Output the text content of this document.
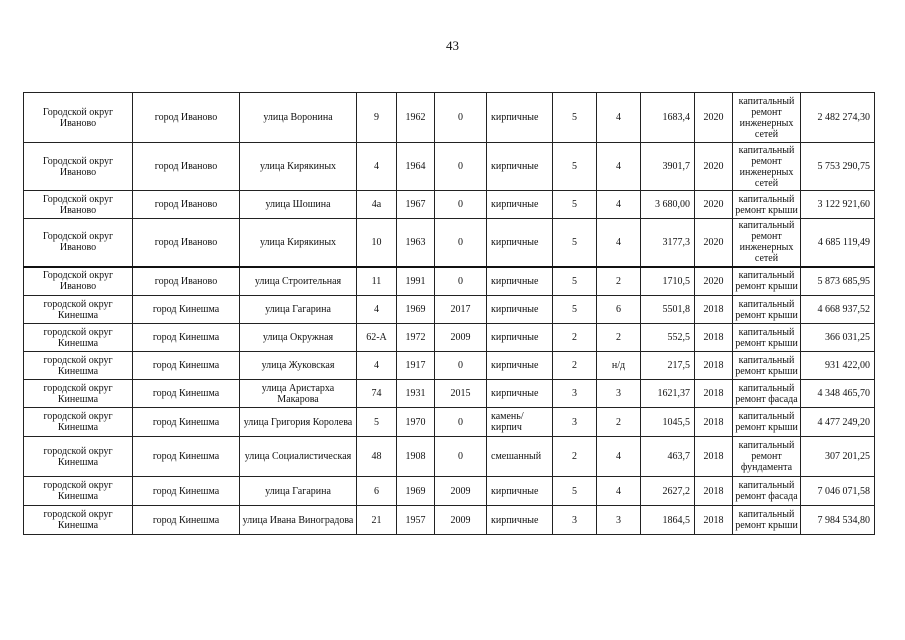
43
Городской округ Иваново	город Иваново	улица Воронина	9	1962	0	кирпичные	5	4	1683,4	2020	капитальный ремонт инженерных сетей	2 482 274,30
Городской округ Иваново	город Иваново	улица Кирякиных	4	1964	0	кирпичные	5	4	3901,7	2020	капитальный ремонт инженерных сетей	5 753 290,75
Городской округ Иваново	город Иваново	улица Шошина	4а	1967	0	кирпичные	5	4	3 680,00	2020	капитальный ремонт крыши	3 122 921,60
Городской округ Иваново	город Иваново	улица Кирякиных	10	1963	0	кирпичные	5	4	3177,3	2020	капитальный ремонт инженерных сетей	4 685 119,49
Городской округ Иваново	город Иваново	улица Строительная	11	1991	0	кирпичные	5	2	1710,5	2020	капитальный ремонт крыши	5 873 685,95
городской округ Кинешма	город Кинешма	улица Гагарина	4	1969	2017	кирпичные	5	6	5501,8	2018	капитальный ремонт крыши	4 668 937,52
городской округ Кинешма	город Кинешма	улица Окружная	62-А	1972	2009	кирпичные	2	2	552,5	2018	капитальный ремонт крыши	366 031,25
городской округ Кинешма	город Кинешма	улица Жуковская	4	1917	0	кирпичные	2	н/д	217,5	2018	капитальный ремонт крыши	931 422,00
городской округ Кинешма	город Кинешма	улица Аристарха Макарова	74	1931	2015	кирпичные	3	3	1621,37	2018	капитальный ремонт фасада	4 348 465,70
городской округ Кинешма	город Кинешма	улица Григория Королева	5	1970	0	камень/кирпич	3	2	1045,5	2018	капитальный ремонт крыши	4 477 249,20
городской округ Кинешма	город Кинешма	улица Социалистическая	48	1908	0	смешанный	2	4	463,7	2018	капитальный ремонт фундамента	307 201,25
городской округ Кинешма	город Кинешма	улица Гагарина	6	1969	2009	кирпичные	5	4	2627,2	2018	капитальный ремонт фасада	7 046 071,58
городской округ Кинешма	город Кинешма	улица Ивана Виноградова	21	1957	2009	кирпичные	3	3	1864,5	2018	капитальный ремонт крыши	7 984 534,80
